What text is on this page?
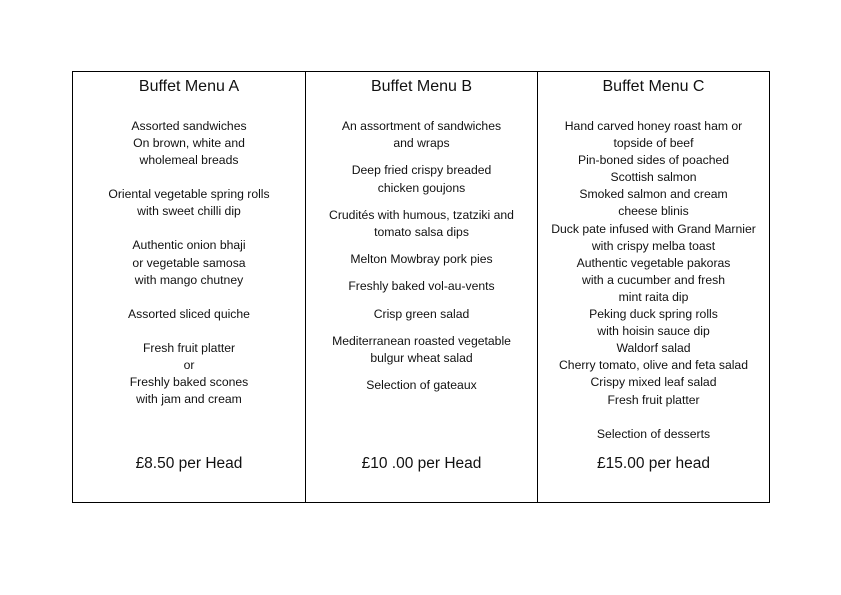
Buffet Menu A
Assorted sandwiches
On brown, white and
wholemeal breads
Oriental vegetable spring rolls
with sweet chilli dip
Authentic onion bhaji
or vegetable samosa
with mango chutney
Assorted sliced quiche
Fresh fruit platter
or
Freshly baked scones
with jam and cream
£8.50 per Head
Buffet Menu B
An assortment of sandwiches
and wraps
Deep fried crispy breaded
chicken goujons
Crudités with humous, tzatziki and
tomato salsa dips
Melton Mowbray pork pies
Freshly baked vol-au-vents
Crisp green salad
Mediterranean roasted vegetable
bulgur wheat salad
Selection of gateaux
£10 .00 per Head
Buffet Menu C
Hand carved honey roast ham or
topside of beef
Pin-boned sides of poached
Scottish salmon
Smoked salmon and cream
cheese blinis
Duck pate infused with Grand Marnier
with crispy melba toast
Authentic vegetable pakoras
with a cucumber and fresh
mint raita dip
Peking duck spring rolls
with hoisin sauce dip
Waldorf salad
Cherry tomato, olive and feta salad
Crispy mixed leaf salad
Fresh fruit platter
Selection of desserts
£15.00 per head
